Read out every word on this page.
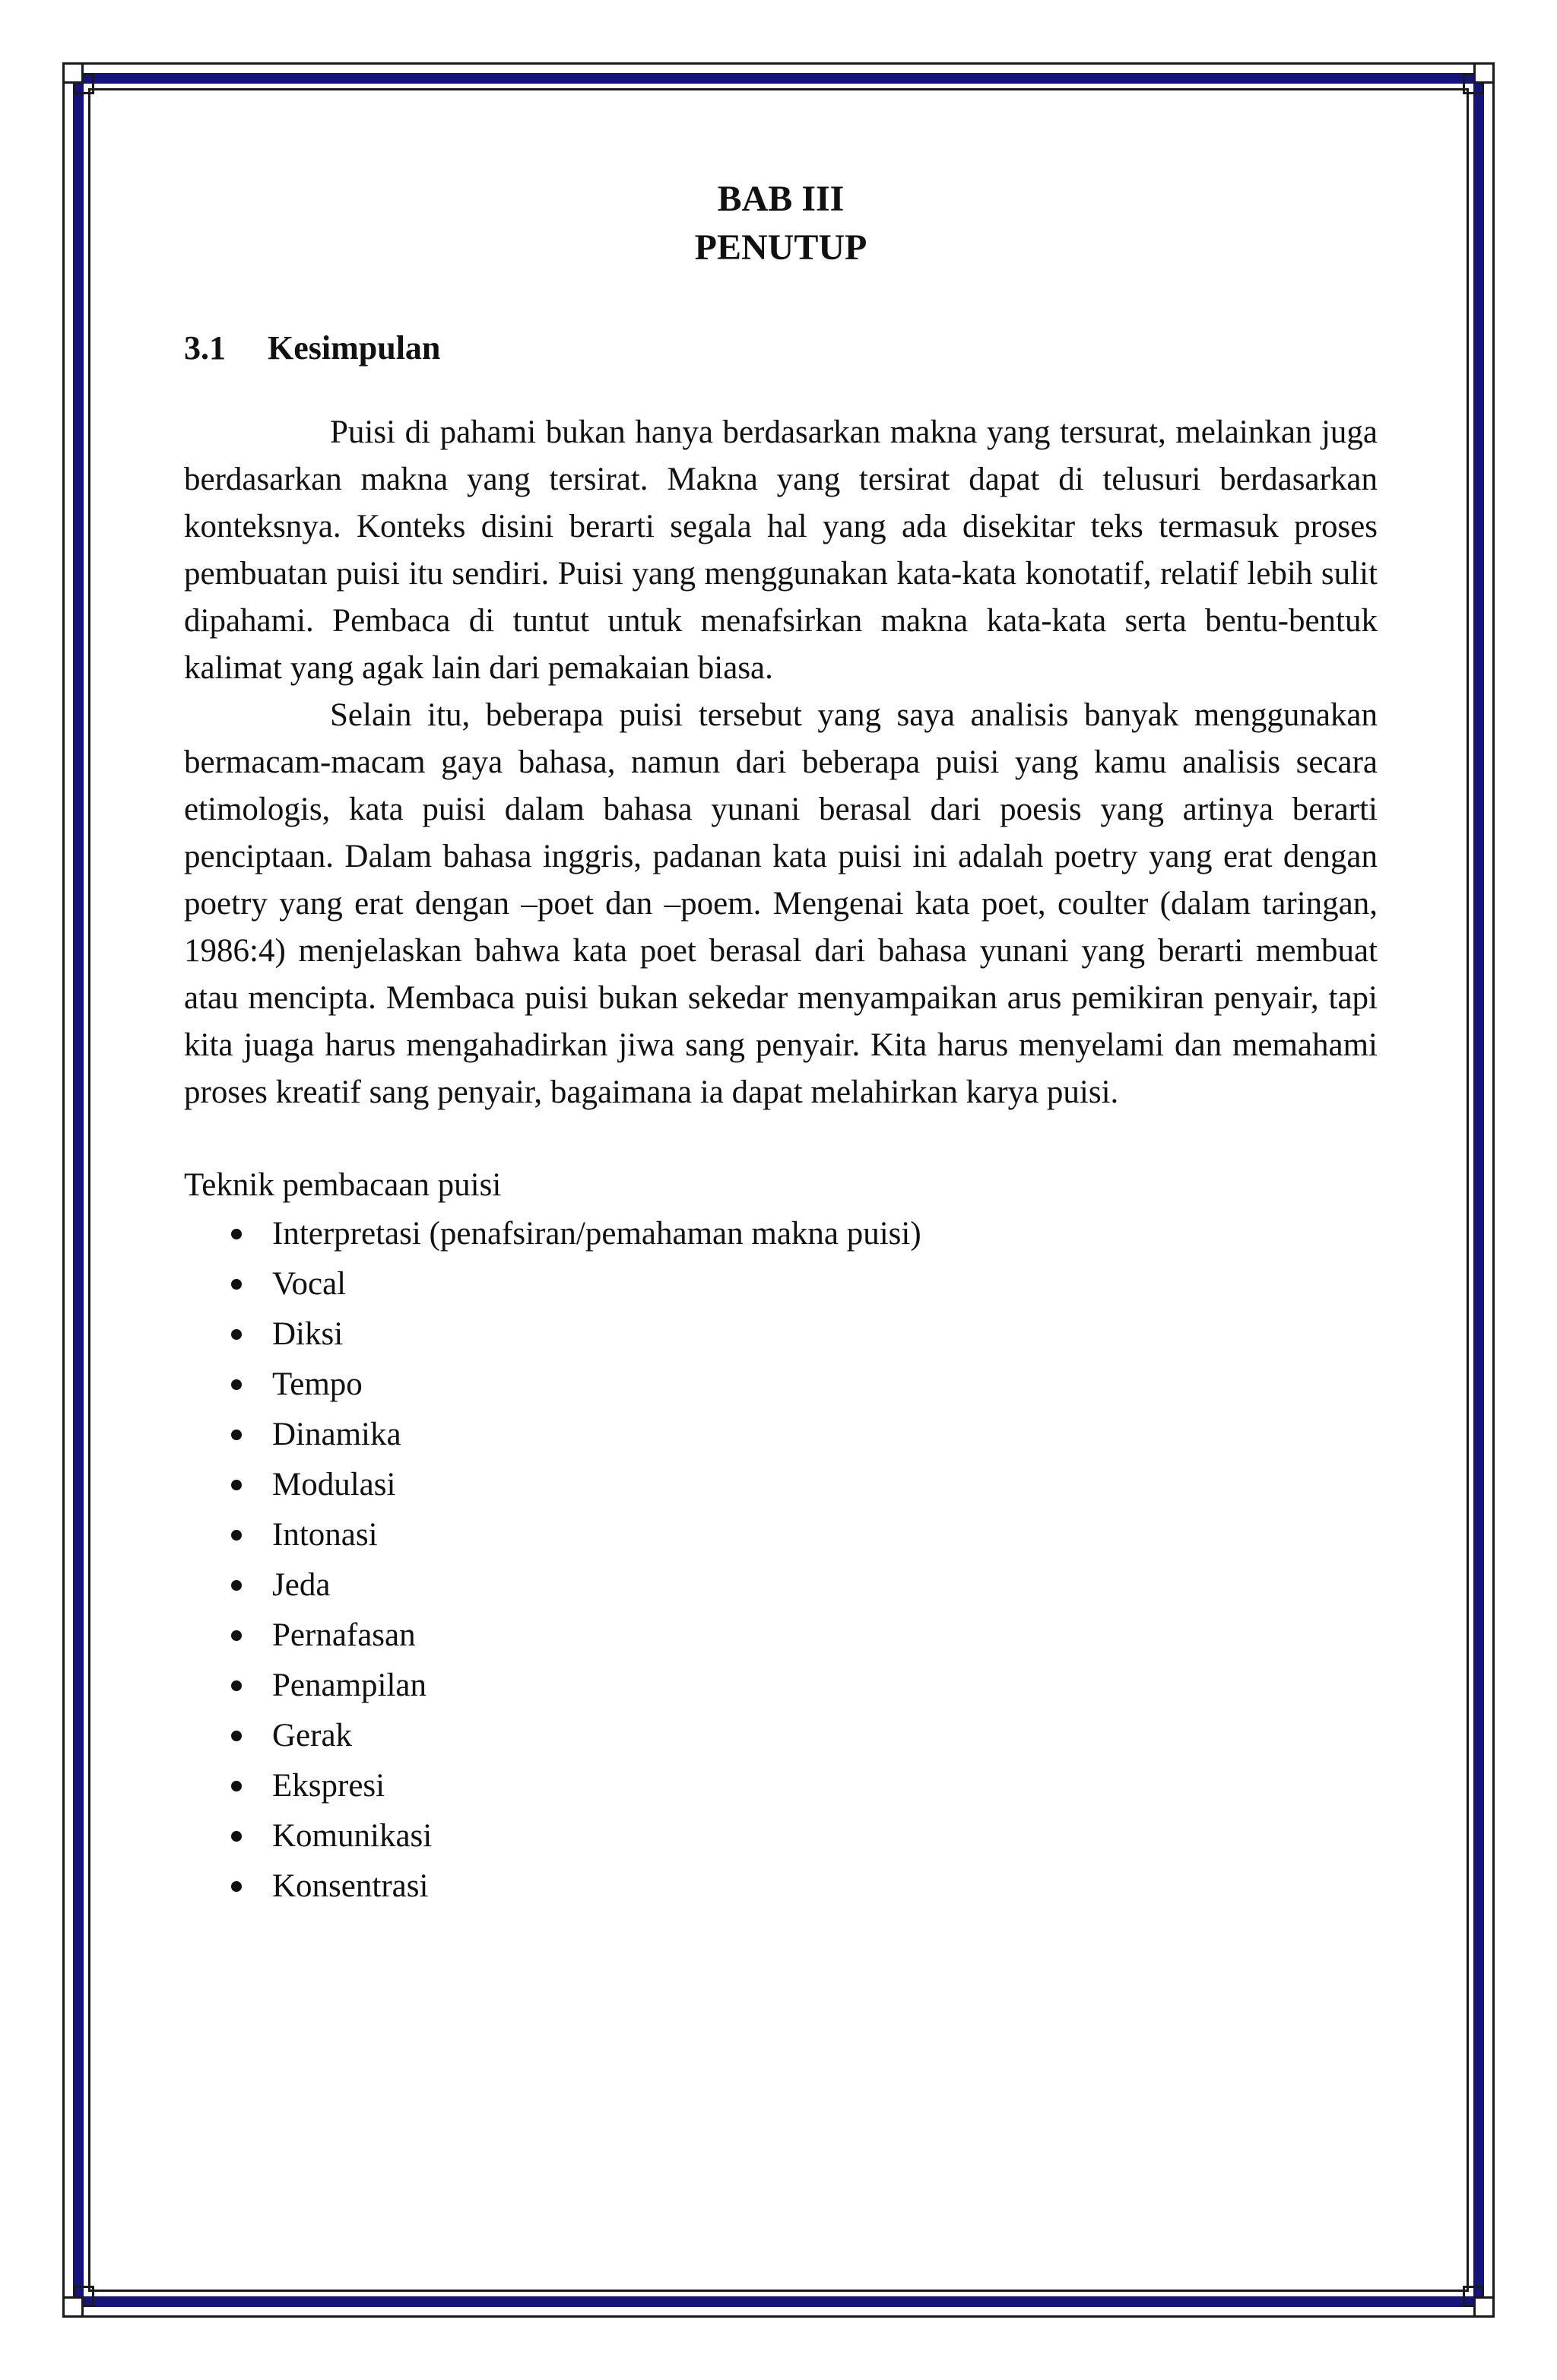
BAB III
PENUTUP
3.1	Kesimpulan

Puisi di pahami bukan hanya berdasarkan makna yang tersurat, melainkan juga berdasarkan makna yang tersirat. Makna yang tersirat dapat di telusuri berdasarkan konteksnya. Konteks disini berarti segala hal yang ada disekitar teks termasuk proses pembuatan puisi itu sendiri. Puisi yang menggunakan kata-kata konotatif, relatif lebih sulit dipahami. Pembaca di tuntut untuk menafsirkan makna kata-kata serta bentu-bentuk kalimat yang agak lain dari pemakaian biasa.

Selain itu, beberapa puisi tersebut yang saya analisis banyak menggunakan bermacam-macam gaya bahasa, namun dari beberapa puisi yang kamu analisis secara etimologis, kata puisi dalam bahasa yunani berasal dari poesis yang artinya berarti penciptaan. Dalam bahasa inggris, padanan kata puisi ini adalah poetry yang erat dengan poetry yang erat dengan –poet dan –poem. Mengenai kata poet, coulter (dalam taringan, 1986:4) menjelaskan bahwa kata poet berasal dari bahasa yunani yang berarti membuat atau mencipta. Membaca puisi bukan sekedar menyampaikan arus pemikiran penyair, tapi kita juaga harus mengahadirkan jiwa sang penyair. Kita harus menyelami dan memahami proses kreatif sang penyair, bagaimana ia dapat melahirkan karya puisi.

Teknik pembacaan puisi
Interpretasi (penafsiran/pemahaman makna puisi)
Vocal
Diksi
Tempo
Dinamika
Modulasi
Intonasi
Jeda
Pernafasan
Penampilan
Gerak
Ekspresi
Komunikasi
Konsentrasi
